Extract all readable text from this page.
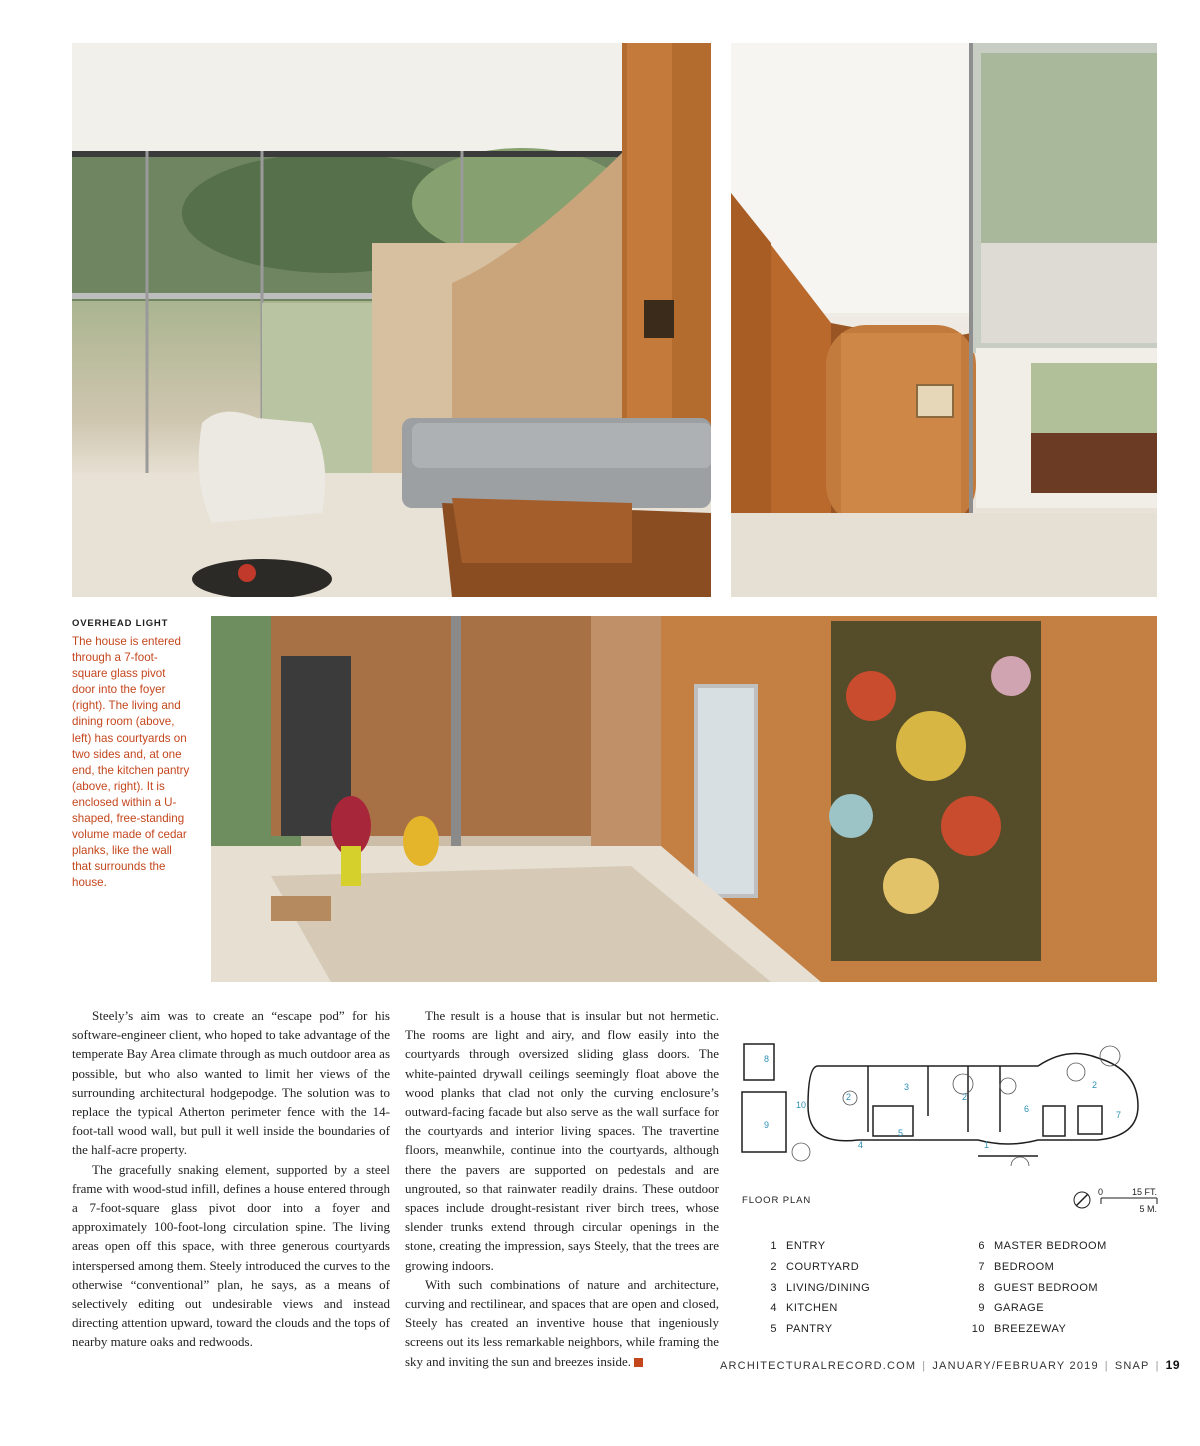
OVERHEAD LIGHT
The house is entered through a 7-foot-square glass pivot door into the foyer (right). The living and dining room (above, left) has courtyards on two sides and, at one end, the kitchen pantry (above, right). It is enclosed within a U-shaped, free-standing volume made of cedar planks, like the wall that surrounds the house.

Steely’s aim was to create an “escape pod” for his software-engineer client, who hoped to take advantage of the temperate Bay Area climate through as much outdoor area as possible, but who also wanted to limit her views of the surrounding architectural hodgepodge. The solution was to replace the typical Atherton perimeter fence with the 14-foot-tall wood wall, but pull it well inside the boundaries of the half-acre property.

The gracefully snaking element, supported by a steel frame with wood-stud infill, defines a house entered through a 7-foot-square glass pivot door into a foyer and approximately 100-foot-long circulation spine. The living areas open off this space, with three generous courtyards interspersed among them. Steely introduced the curves to the otherwise “conventional” plan, he says, as a means of selectively editing out undesirable views and instead directing attention upward, toward the clouds and the tops of nearby mature oaks and redwoods.

The result is a house that is insular but not hermetic. The rooms are light and airy, and flow easily into the courtyards through oversized sliding glass doors. The white-painted drywall ceilings seemingly float above the wood planks that clad not only the curving enclosure’s outward-facing facade but also serve as the wall surface for the courtyards and interior living spaces. The travertine floors, meanwhile, continue into the courtyards, although there the pavers are supported on pedestals and are ungrouted, so that rainwater readily drains. These outdoor spaces include drought-resistant river birch trees, whose slender trunks extend through circular openings in the stone, creating the impression, says Steely, that the trees are growing indoors.

With such combinations of nature and architecture, curving and rectilinear, and spaces that are open and closed, Steely has created an inventive house that ingeniously screens out its less remarkable neighbors, while framing the sky and inviting the sun and breezes inside.

8
10
9
2
3
4
5
2
6
2
7
1
FLOOR PLAN
0	15 FT.
5 M.
1 ENTRY
2 COURTYARD
3 LIVING/DINING
4 KITCHEN
5 PANTRY
6 MASTER BEDROOM
7 BEDROOM
8 GUEST BEDROOM
9 GARAGE
10 BREEZEWAY
ARCHITECTURALRECORD.COM | JANUARY/FEBRUARY 2019 | SNAP | 19
